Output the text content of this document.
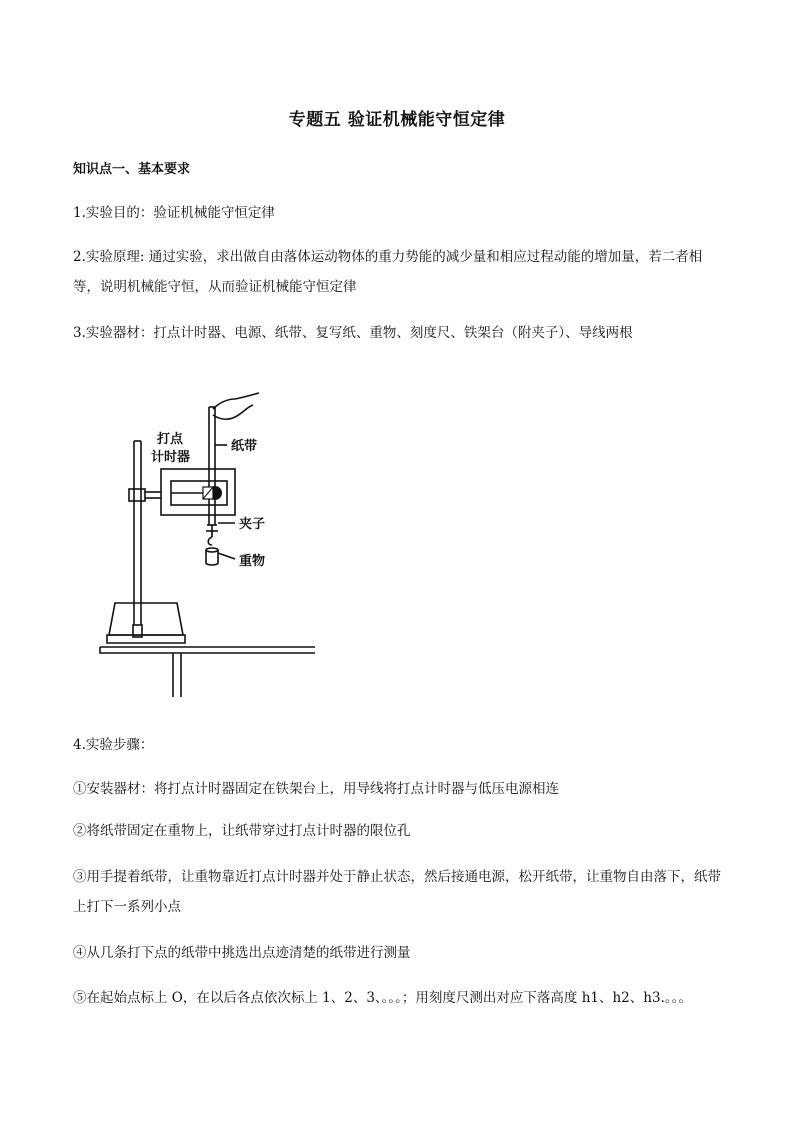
专题五 验证机械能守恒定律
知识点一、基本要求
1.实验目的：验证机械能守恒定律
2.实验原理: 通过实验，求出做自由落体运动物体的重力势能的减少量和相应过程动能的增加量，若二者相等，说明机械能守恒，从而验证机械能守恒定律
3.实验器材：打点计时器、电源、纸带、复写纸、重物、刻度尺、铁架台（附夹子）、导线两根
打点
计时器
纸带
夹子
重物
4.实验步骤：
①安装器材：将打点计时器固定在铁架台上，用导线将打点计时器与低压电源相连
②将纸带固定在重物上，让纸带穿过打点计时器的限位孔
③用手提着纸带，让重物靠近打点计时器并处于静止状态，然后接通电源，松开纸带，让重物自由落下，纸带上打下一系列小点
④从几条打下点的纸带中挑选出点迹清楚的纸带进行测量
⑤在起始点标上 O，在以后各点依次标上 1、2、3、。。。；用刻度尺测出对应下落高度 h1、h2、h3.。。。
